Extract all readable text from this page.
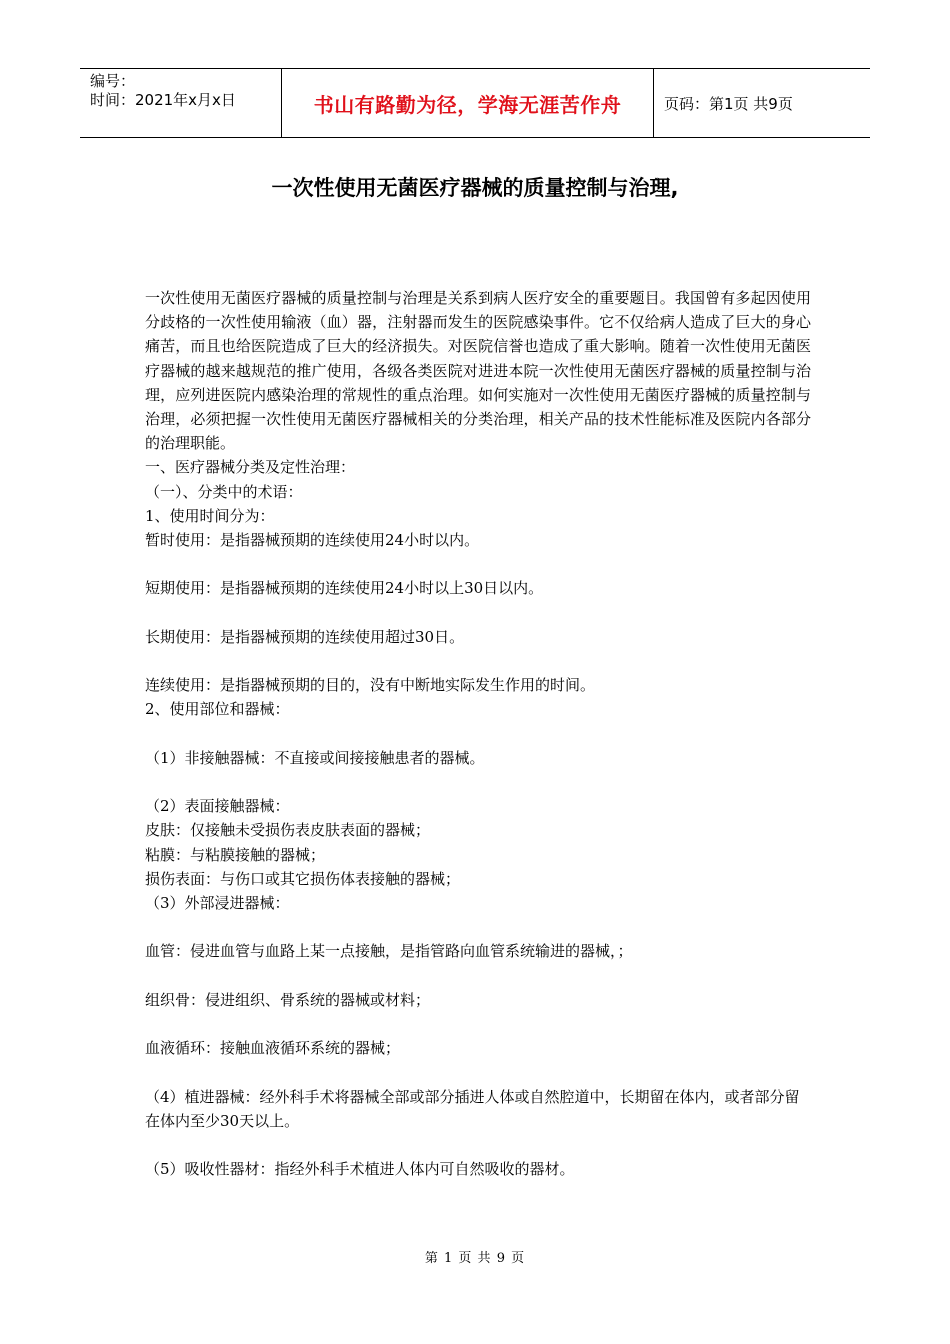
编号：
时间：2021年x月x日	书山有路勤为径，学海无涯苦作舟	页码：第1页 共9页
一次性使用无菌医疗器械的质量控制与治理,

一次性使用无菌医疗器械的质量控制与治理是关系到病人医疗安全的重要题目。我国曾有多起因使用分歧格的一次性使用输液（血）器，注射器而发生的医院感染事件。它不仅给病人造成了巨大的身心痛苦，而且也给医院造成了巨大的经济损失。对医院信誉也造成了重大影响。随着一次性使用无菌医疗器械的越来越规范的推广使用，各级各类医院对进进本院一次性使用无菌医疗器械的质量控制与治理，应列进医院内感染治理的常规性的重点治理。如何实施对一次性使用无菌医疗器械的质量控制与治理，必须把握一次性使用无菌医疗器械相关的分类治理，相关产品的技术性能标准及医院内各部分的治理职能。

一、医疗器械分类及定性治理：

（一）、分类中的术语：

1、使用时间分为：

暂时使用：是指器械预期的连续使用24小时以内。

短期使用：是指器械预期的连续使用24小时以上30日以内。

长期使用：是指器械预期的连续使用超过30日。

连续使用：是指器械预期的目的，没有中断地实际发生作用的时间。

2、使用部位和器械：

（1）非接触器械：不直接或间接接触患者的器械。

（2）表面接触器械：

皮肤：仅接触未受损伤表皮肤表面的器械；

粘膜：与粘膜接触的器械；

损伤表面：与伤口或其它损伤体表接触的器械；

（3）外部浸进器械：

血管：侵进血管与血路上某一点接触，是指管路向血管系统输进的器械，；

组织骨：侵进组织、骨系统的器械或材料；

血液循环：接触血液循环系统的器械；

（4）植进器械：经外科手术将器械全部或部分插进人体或自然腔道中，长期留在体内，或者部分留在体内至少30天以上。

（5）吸收性器材：指经外科手术植进人体内可自然吸收的器材。

第 1 页 共 9 页
